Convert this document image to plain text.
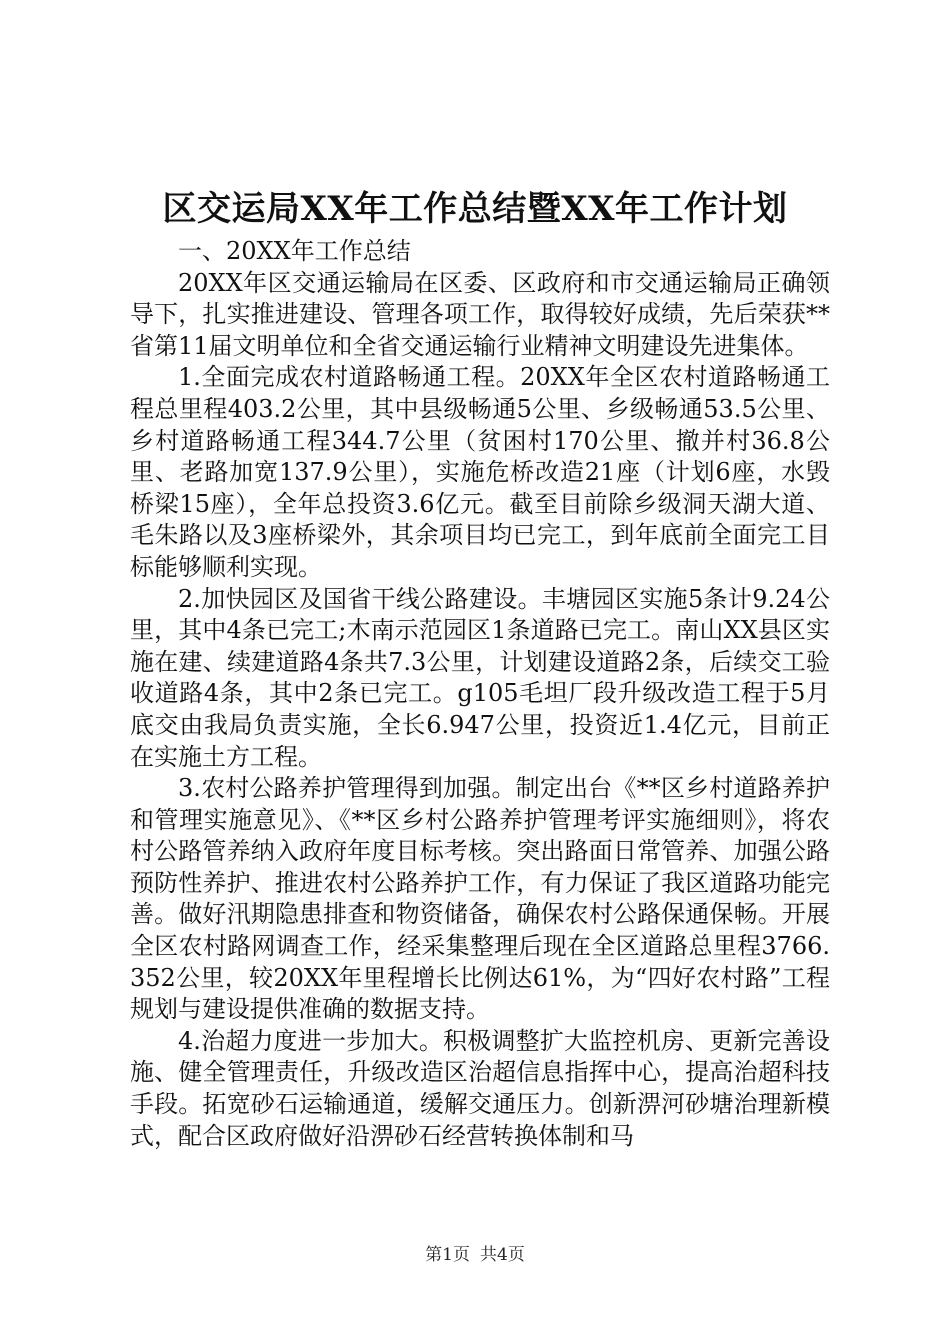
区交运局XX年工作总结暨XX年工作计划

一、20XX年工作总结

20XX年区交通运输局在区委、区政府和市交通运输局正确领导下，扎实推进建设、管理各项工作，取得较好成绩，先后荣获**省第11届文明单位和全省交通运输行业精神文明建设先进集体。

1.全面完成农村道路畅通工程。20XX年全区农村道路畅通工程总里程403.2公里，其中县级畅通5公里、乡级畅通53.5公里、乡村道路畅通工程344.7公里（贫困村170公里、撤并村36.8公里、老路加宽137.9公里），实施危桥改造21座（计划6座，水毁桥梁15座），全年总投资3.6亿元。截至目前除乡级洞天湖大道、毛朱路以及3座桥梁外，其余项目均已完工，到年底前全面完工目标能够顺利实现。

2.加快园区及国省干线公路建设。丰塘园区实施5条计9.24公里，其中4条已完工;木南示范园区1条道路已完工。南山XX县区实施在建、续建道路4条共7.3公里，计划建设道路2条，后续交工验收道路4条，其中2条已完工。g105毛坦厂段升级改造工程于5月底交由我局负责实施，全长6.947公里，投资近1.4亿元，目前正在实施土方工程。

3.农村公路养护管理得到加强。制定出台《**区乡村道路养护和管理实施意见》、《**区乡村公路养护管理考评实施细则》，将农村公路管养纳入政府年度目标考核。突出路面日常管养、加强公路预防性养护、推进农村公路养护工作，有力保证了我区道路功能完善。做好汛期隐患排查和物资储备，确保农村公路保通保畅。开展全区农村路网调查工作，经采集整理后现在全区道路总里程3766.352公里，较20XX年里程增长比例达61%，为“四好农村路”工程规划与建设提供准确的数据支持。

4.治超力度进一步加大。积极调整扩大监控机房、更新完善设施、健全管理责任，升级改造区治超信息指挥中心，提高治超科技手段。拓宽砂石运输通道，缓解交通压力。创新淠河砂塘治理新模式，配合区政府做好沿淠砂石经营转换体制和马

第1页 共4页
